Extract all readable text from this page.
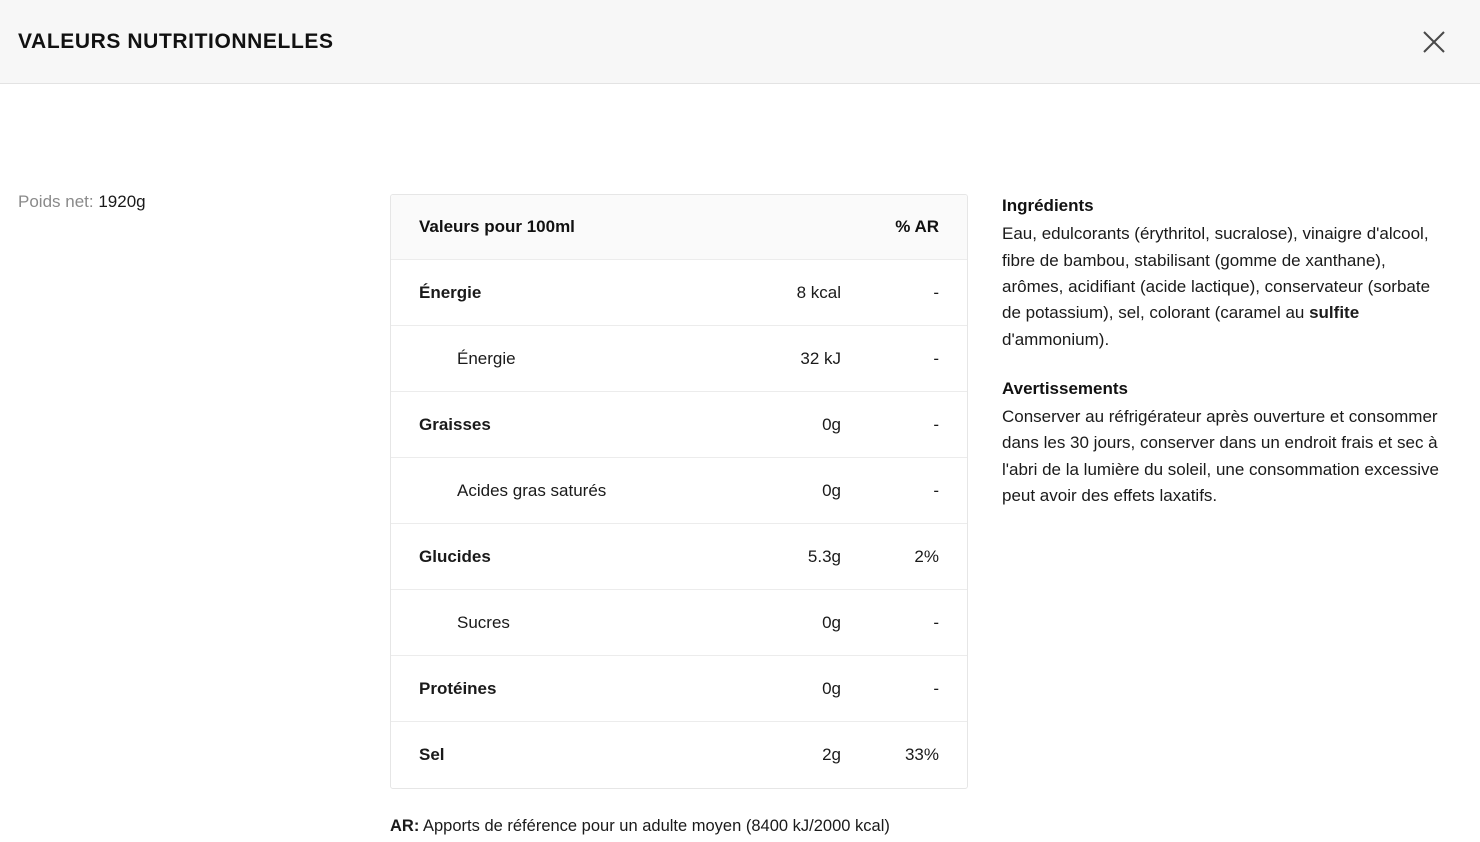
VALEURS NUTRITIONNELLES
Poids net: 1920g
Valeurs pour 100ml	% AR
Énergie	8 kcal	-
Énergie	32 kJ	-
Graisses	0g	-
Acides gras saturés	0g	-
Glucides	5.3g	2%
Sucres	0g	-
Protéines	0g	-
Sel	2g	33%
AR: Apports de référence pour un adulte moyen (8400 kJ/2000 kcal)
Ingrédients

Eau, edulcorants (érythritol, sucralose), vinaigre d'alcool, fibre de bambou, stabilisant (gomme de xanthane), arômes, acidifiant (acide lactique), conservateur (sorbate de potassium), sel, colorant (caramel au sulfite d'ammonium).

Avertissements

Conserver au réfrigérateur après ouverture et consommer dans les 30 jours, conserver dans un endroit frais et sec à l'abri de la lumière du soleil, une consommation excessive peut avoir des effets laxatifs.
